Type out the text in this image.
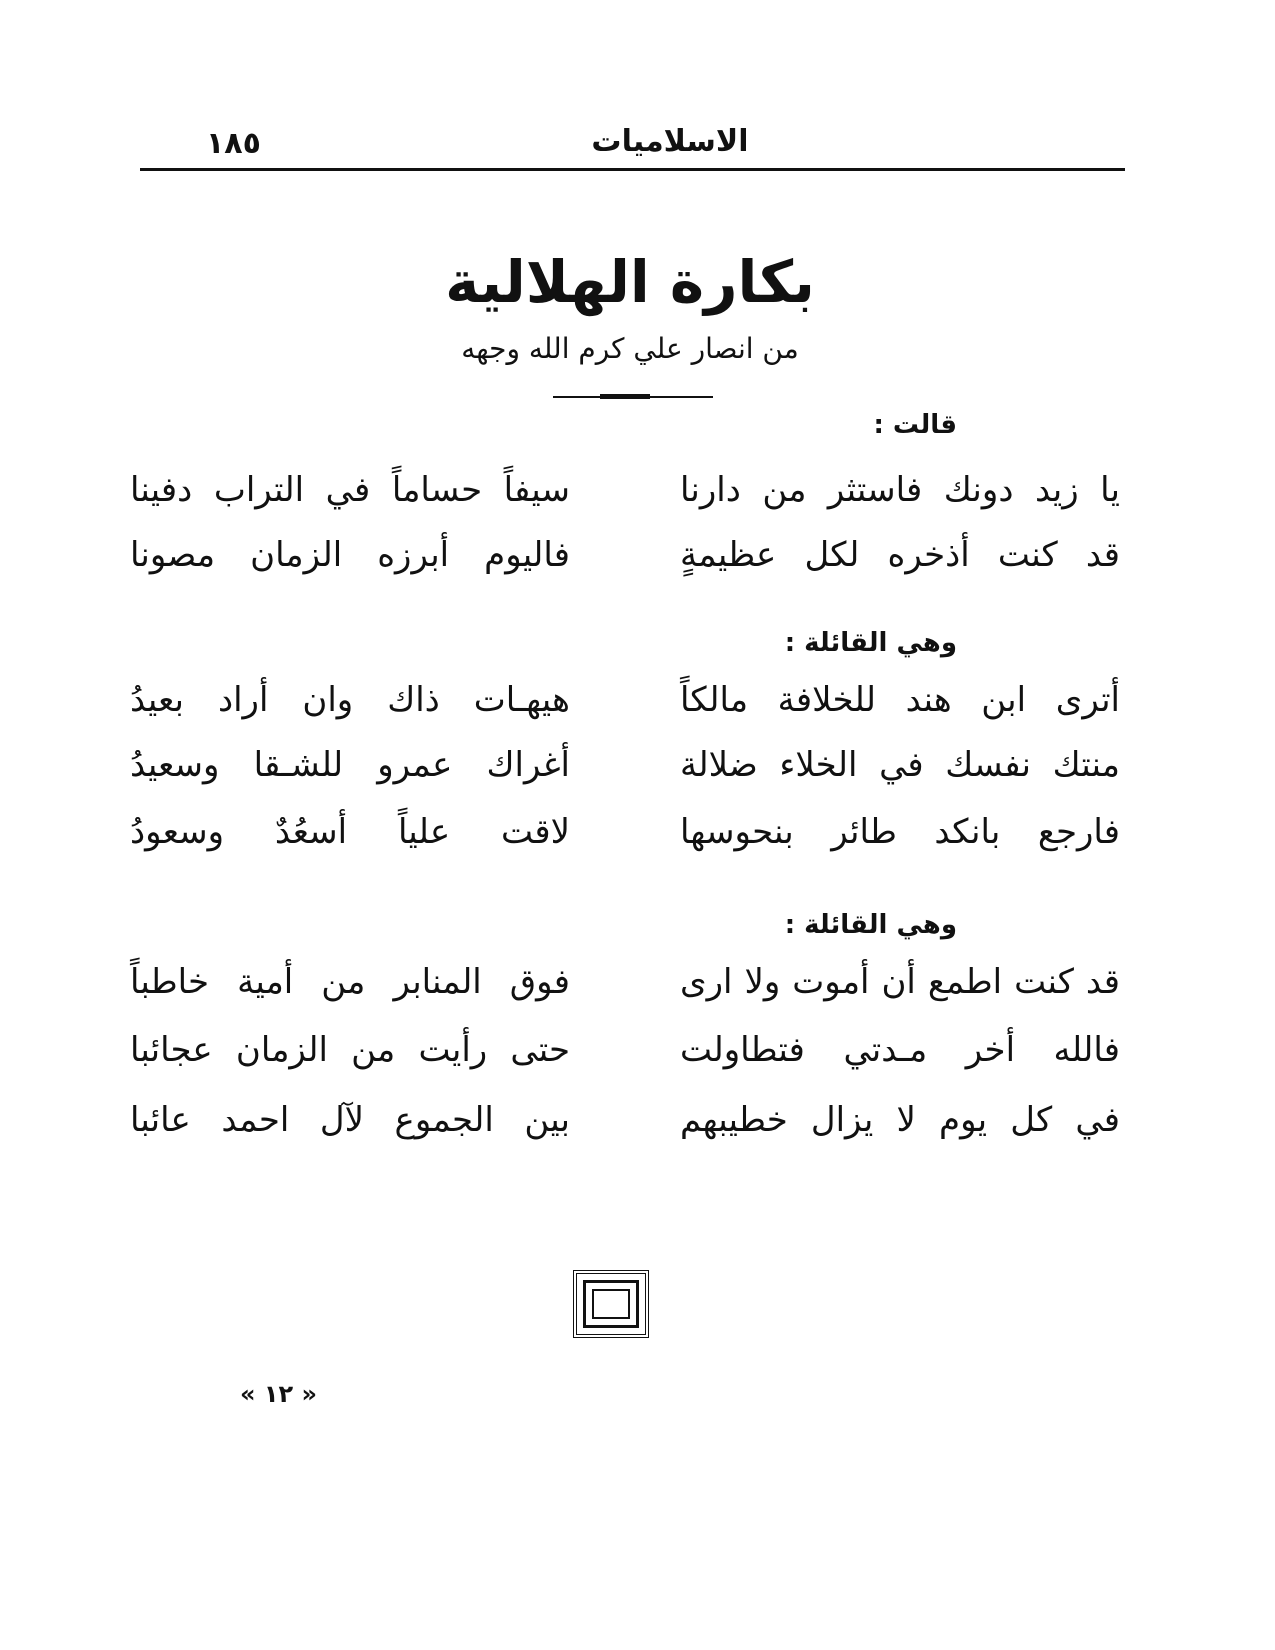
١٨٥	الاسلاميات
بكارة الهلالية
من انصار علي كرم الله وجهه
قالت :
يا زيد دونك فاستثر من دارنا
سيفاً حساماً في التراب دفينا
قد كنت أذخره لكل عظيمةٍ
فاليوم أبرزه الزمان مصونا
وهي القائلة :
أترى ابن هند للخلافة مالكاً
هيهـات ذاك وان أراد بعيدُ
منتك نفسك في الخلاء ضلالة
أغراك عمرو للشـقا وسعيدُ
فارجع بانكد طائر بنحوسها
لاقت علياً أسعُدٌ وسعودُ
وهي القائلة :
قد كنت اطمع أن أموت ولا ارى
فوق المنابر من أمية خاطباً
فالله أخر مـدتي فتطاولت
حتى رأيت من الزمان عجائبا
في كل يوم لا يزال خطيبهم
بين الجموع لآل احمد عائبا
« ١٢ »
